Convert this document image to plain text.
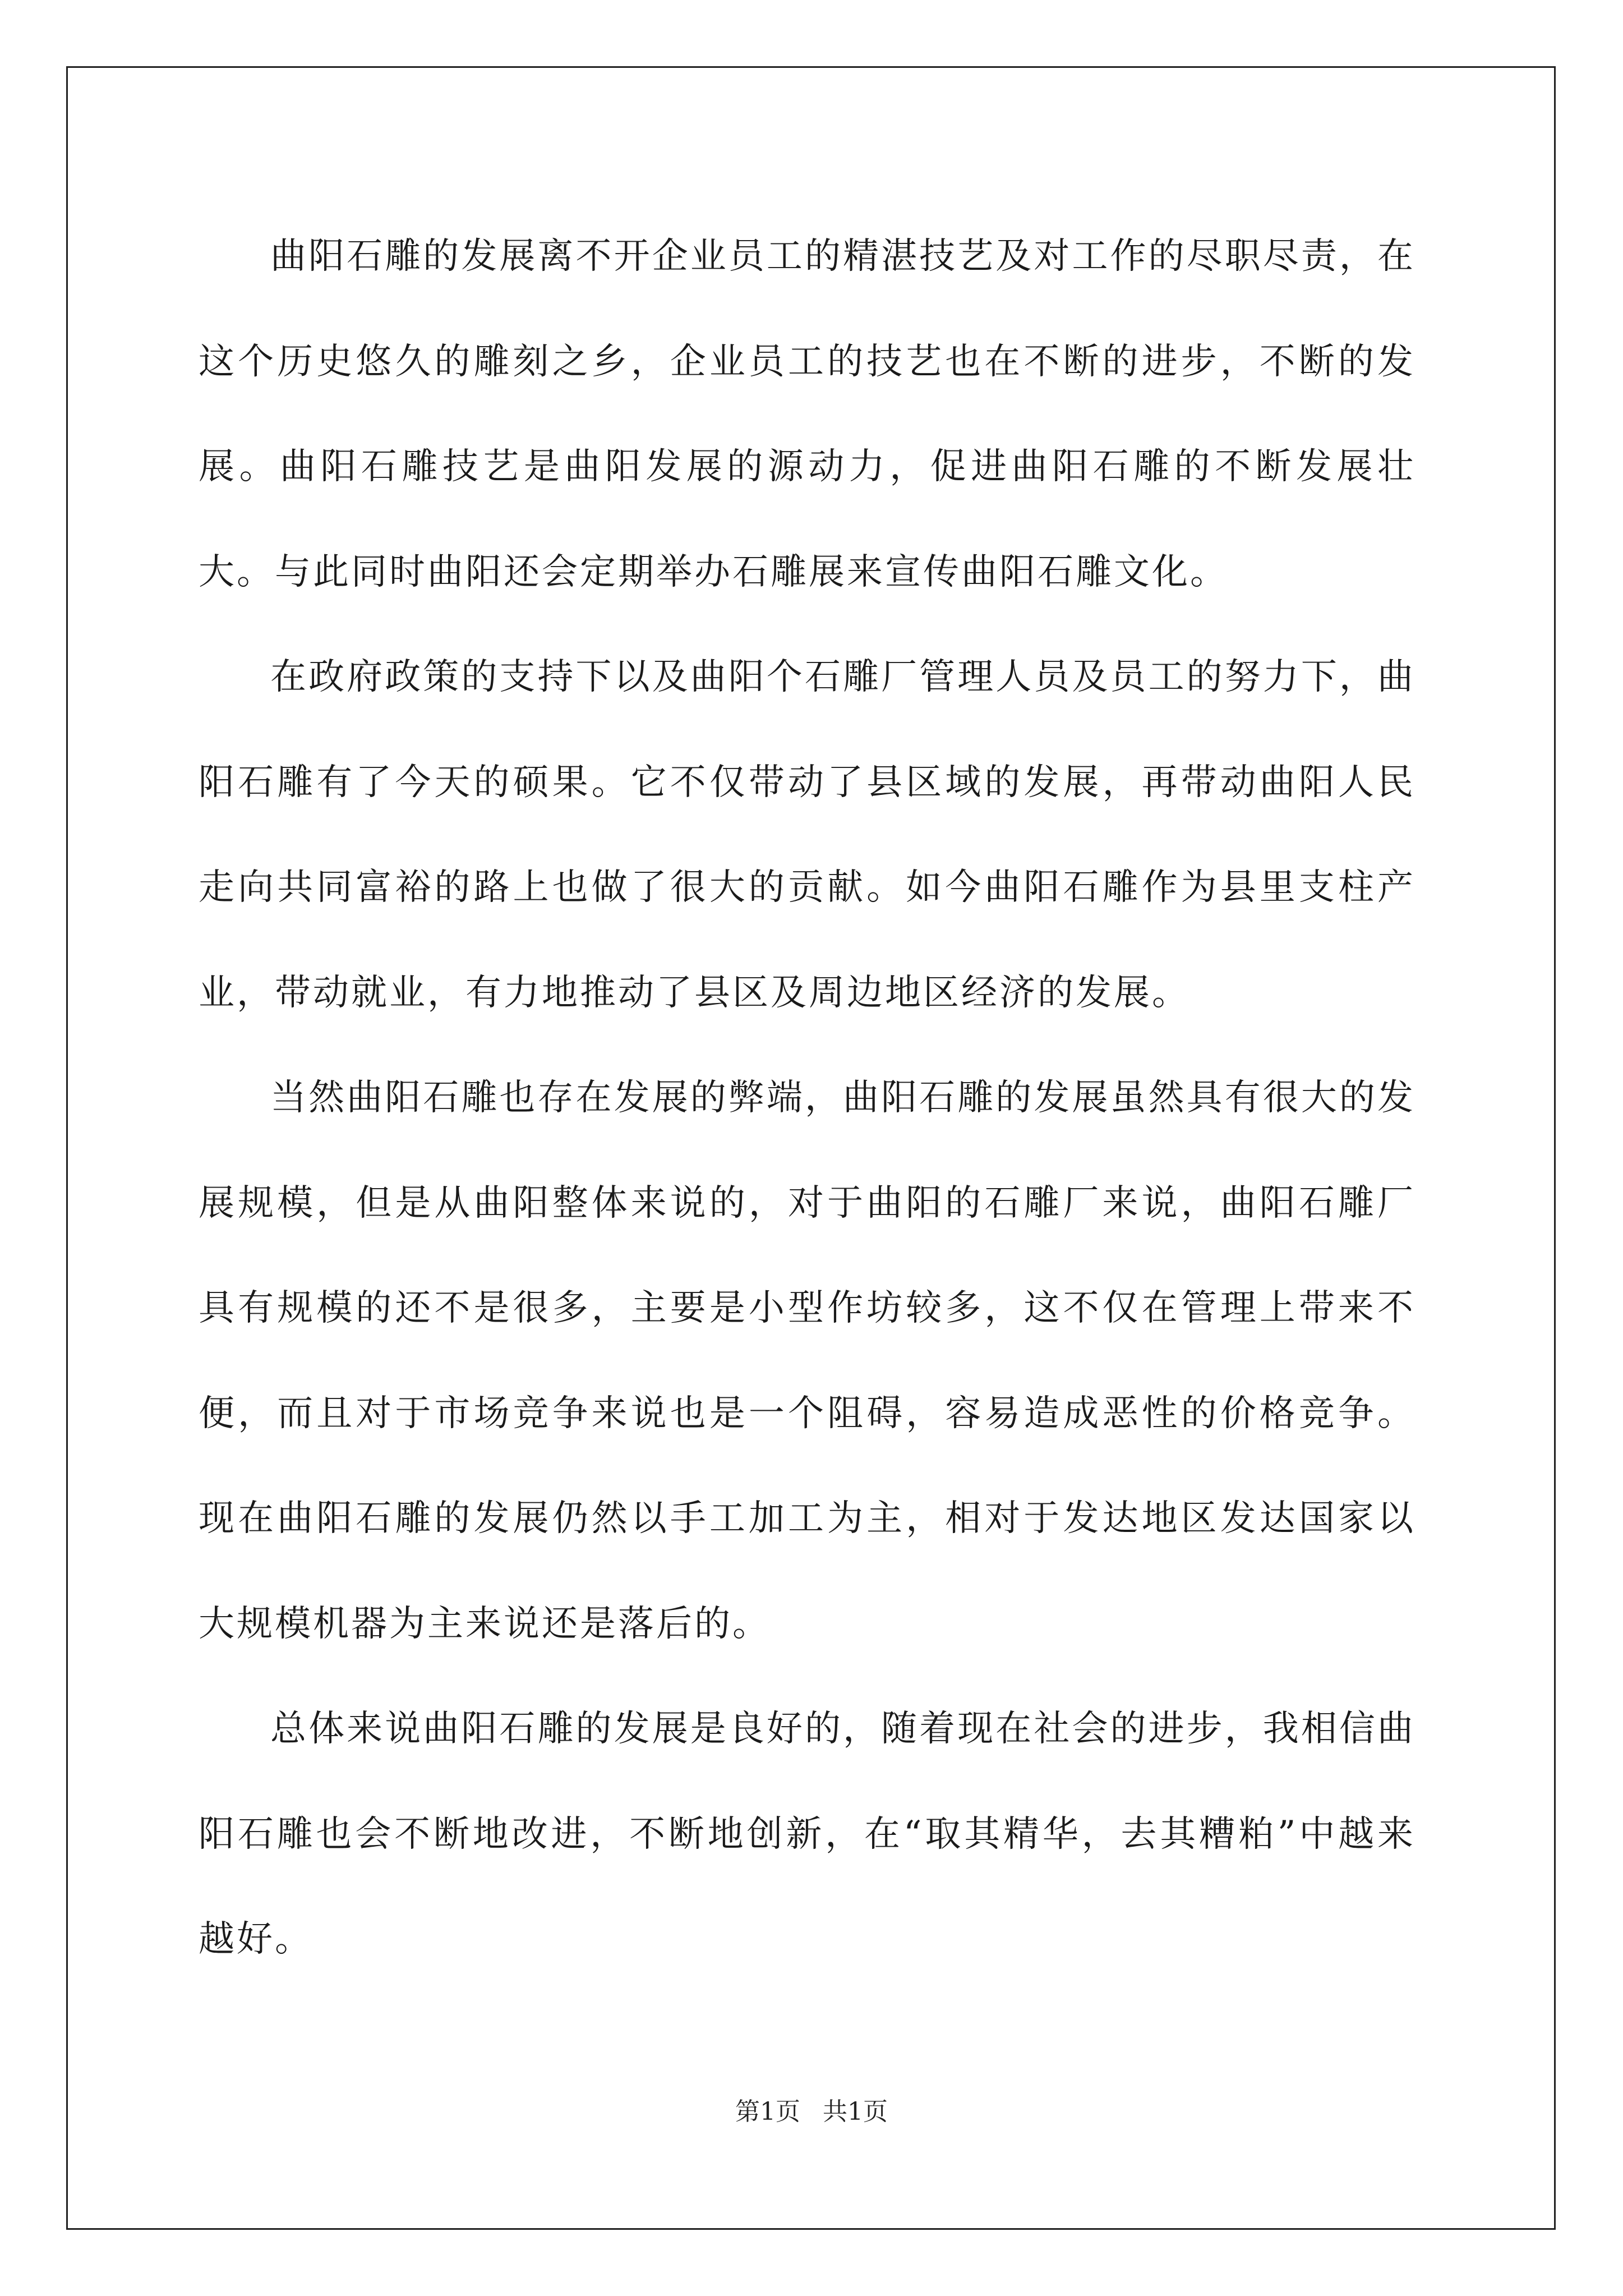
曲阳石雕的发展离不开企业员工的精湛技艺及对工作的尽职尽责，在这个历史悠久的雕刻之乡，企业员工的技艺也在不断的进步，不断的发展。曲阳石雕技艺是曲阳发展的源动力，促进曲阳石雕的不断发展壮大。与此同时曲阳还会定期举办石雕展来宣传曲阳石雕文化。

在政府政策的支持下以及曲阳个石雕厂管理人员及员工的努力下，曲阳石雕有了今天的硕果。它不仅带动了县区域的发展，再带动曲阳人民走向共同富裕的路上也做了很大的贡献。如今曲阳石雕作为县里支柱产业，带动就业，有力地推动了县区及周边地区经济的发展。

当然曲阳石雕也存在发展的弊端，曲阳石雕的发展虽然具有很大的发展规模，但是从曲阳整体来说的，对于曲阳的石雕厂来说，曲阳石雕厂具有规模的还不是很多，主要是小型作坊较多，这不仅在管理上带来不便，而且对于市场竞争来说也是一个阻碍，容易造成恶性的价格竞争。现在曲阳石雕的发展仍然以手工加工为主，相对于发达地区发达国家以大规模机器为主来说还是落后的。

总体来说曲阳石雕的发展是良好的，随着现在社会的进步，我相信曲阳石雕也会不断地改进，不断地创新，在“取其精华，去其糟粕”中越来越好。

第1页 共1页
